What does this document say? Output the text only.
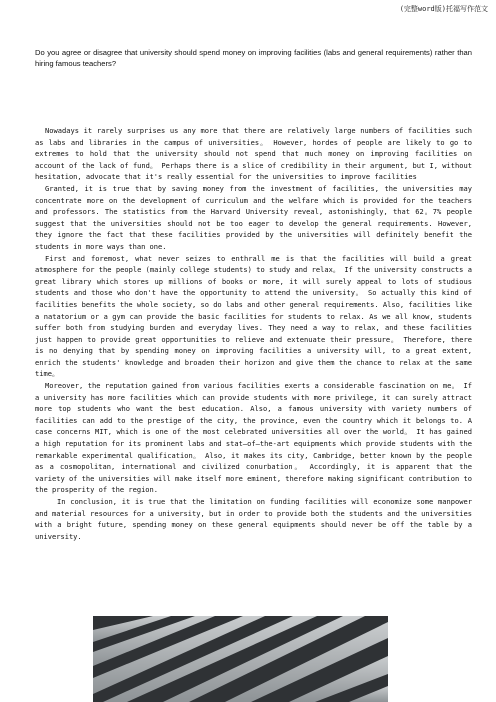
(完整word版)托福写作范文
Do you agree or disagree that university should spend money on improving facilities (labs and general requirements) rather than hiring famous teachers?

Nowadays it rarely surprises us any more that there are relatively large numbers of facilities such as labs and libraries in the campus of universities。 However, hordes of people are likely to go to extremes to hold that the university should not spend that much money on improving facilities on account of the lack of fund。 Perhaps there is a slice of credibility in their argument, but I, without hesitation, advocate that it's really essential for the universities to improve facilities

Granted, it is true that by saving money from the investment of facilities, the universities may concentrate more on the development of curriculum and the welfare which is provided for the teachers and professors. The statistics from the Harvard University reveal, astonishingly, that 62。7% people suggest that the universities should not be too eager to develop the general requirements. However, they ignore the fact that these facilities provided by the universities will definitely benefit the students in more ways than one.

First and foremost, what never seizes to enthrall me is that the facilities will build a great atmosphere for the people (mainly college students) to study and relax。 If the university constructs a great library which stores up millions of books or more, it will surely appeal to lots of studious students and those who don't have the opportunity to attend the university。 So actually this kind of facilities benefits the whole society, so do labs and other general requirements. Also, facilities like a natatorium or a gym can provide the basic facilities for students to relax. As we all know, students suffer both from studying burden and everyday lives. They need a way to relax, and these facilities just happen to provide great opportunities to relieve and extenuate their pressure。 Therefore, there is no denying that by spending money on improving facilities a university will, to a great extent, enrich the students' knowledge and broaden their horizon and give them the chance to relax at the same time。

Moreover, the reputation gained from various facilities exerts a considerable fascination on me。 If a university has more facilities which can provide students with more privilege, it can surely attract more top students who want the best education. Also, a famous university with variety numbers of facilities can add to the prestige of the city, the province, even the country which it belongs to. A case concerns MIT, which is one of the most celebrated universities all over the world。 It has gained a high reputation for its prominent labs and stat—of—the-art equipments which provide students with the remarkable experimental qualification。 Also, it makes its city, Cambridge, better known by the people as a cosmopolitan, international and civilized conurbation。 Accordingly, it is apparent that the variety of the universities will make itself more eminent, therefore making significant contribution to the prosperity of the region.

In conclusion, it is true that the limitation on funding facilities will economize some manpower and material resources for a university, but in order to provide both the students and the universities with a bright future, spending money on these general equipments should never be off the table by a university.
